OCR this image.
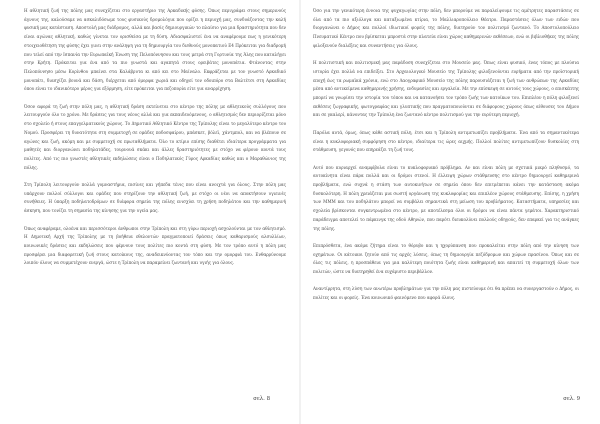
Η αθλητική ζωή της πόλης μας συνεχίζεται στο εργαστήριο της Αρκαδικής φύσης. Όπως περιγράφει στους σημερινούς άγνους της, καλούσαμε να ασκαλιδόσωμε τους φυσικούς δρομολόγια που ορίζει η περιοχή μας, συνδυάζοντας την καλή φυσική μας κατάσταση. Αποστολή μας διάδρομος, αλλά και βασίς δημιουργικών το πλαίσιο για μια δραστηριότητα που δεν είναι αγώνας αθλητική, καθώς γίνεται τον ορισθείσα με τη δύση. Αδιασφαλιστεί ένα να αναφέρουμε πως η γενικότερη στοιχειοθέτηση της φύσης έχει γινει στην ανάληψη για τη δημιουργία του διεθνούς μονοπατιού Ε4 Πρόκειται για διαδρομή που τελεί από την Ισπανία την Ευρωπαϊκή Ένωση της Πελοπόννησου και τους μετρά στη Γορτυνία της Άλης που καταλήγει στην Κρήτη. Πρόκειται για ένα από τα πιο γνωστά και αγαπητά στους ορειβάτες μονοπάτια. Φτάνοντας στην Πελοπόννησο μέσω Κορίνθου μπαίνει στα Καλάβρυτα κι από κει στο Μαίναλο. Εκφράζεται με τον γνωστό Αρκαδικό μονοπάτι, διασχίζει βουνά και δάση, διέρχεται από όμορφα χωριά και οδηγεί τον οδοιπόρο στα Βαλτέτσι στη Αρκαδίας όπου είναι το ιδανικότερο μέρος για εξόρμηση, είτε πρόκειται για πεζοπορία είτε για αναρρίχηση.

Όσον αφορά τη ζωή στην πόλη μας, η αθλητική δράση εκτείνεται στο κέντρο της πόλης με αθλητικούς συλλόγους που λειτουργούν όλο το χρόνο. Με δράσεις για τους νέους αλλά και για εκπαιδευόμενους, ο αθλητισμός δεν περιορίζεται μόνο στο σχολείο ή στους επαγγελματικούς χώρους. Το Δημοτικό Αθλητικό Κέντρο της Τρίπολης είναι το μεγαλύτερο κέντρο του Νομού. Προσφέρει τη δυνατότητα στη συμμετοχή σε ομάδες ποδοσφαίρου, μπάσκετ, βόλεϊ, χάντμπολ, και να βλέπουν σε αγώνες και ζωή, ακόμη και με συμμετοχή σε πρωταθλήματα. Όλο το κτίριο επίσης διαθέτει ιδιαίτερα προγράμματα για μαθητές και διοργανώνει ποδηλατάδες, τουρνουά σκάκι και άλλες δραστηριότητες με στόχο να φέρουν κοντά τους πολίτες. Από τις πιο γνωστές αθλητικές εκδηλώσεις είναι ο Ποδηλατικός Γύρος Αρκαδίας καθώς και ο Μαραθώνιος της πόλης.

Στη Τρίπολη λειτουργούν πολλά γυμναστήρια, πισίνες και γήπεδα τένις που είναι ανοιχτά για όλους. Στην πόλη μας υπάρχουν πολλοί σύλλογοι και ομάδες που στηρίζουν την αθλητική ζωή, με στόχο οι νέοι να αποκτήσουν υγιεινές συνήθειες. Η ύπαρξη ποδηλατοδρόμων σε διάφορα σημεία της πόλης ενισχύει τη χρήση ποδηλάτου και την καθημερινή άσκηση, που τονίζει τη σημασία της κίνησης για την υγεία μας.

Όπως αναφέραμε, ολοένα και περισσότεροι άνθρωποι στην Τρίπολη και στη γύρω περιοχή ασχολούνται με τον αθλητισμό. Η Δημοτική Αρχή της Τρίπολης με τη βοήθεια εθελοντών πραγματοποιεί δράσεις όπως καθαρισμούς αλσυλλίων, κοινωνικές δράσεις και εκδηλώσεις που φέρνουν τους πολίτες πιο κοντά στη φύση. Με τον τρόπο αυτό η πόλη μας προσφέρει μια διαφορετική ζωή στους κατοίκους της, αναδεικνύοντας τον τόπο και την ομορφιά του. Ενθαρρύνουμε λοιπόν όλους να συμμετέχουν ενεργά, ώστε η Τρίπολη να παραμείνει ζωντανή και υγιής για όλους.

σελ. 8

Όσο για την γενικότερη έννοια της ψυχαγωγίας στην πόλη, δεν μπορούμε να παραλείψουμε τις αμέτρητες παραστάσεις σε όλα από τα πιο αξιόλογα και καταξιωμένα κτίρια, το Μαλλιαροπούλειο Θέατρο. Παραστάσεις όλων των ειδών που διοργανώνει ο Δήμος και πολλοί ιδιωτικοί φορείς της πόλης, διατηρούν τον πολιτισμό ζωντανό. Το Αποστολοπούλειο Πνευματικό Κέντρο που βρίσκεται μπροστά στην πλατεία είναι χώρος καθημερινών εκθέσεων, ενώ οι βιβλιοθήκες της πόλης φιλοξενούν διαλέξεις και συναντήσεις για όλους.

Η πολιτιστική και πολιτισμική μας παράδοση συνεχίζεται στο Μουσείο μας. Όπως είναι φυσικό, ένας τόπος με πλούσια ιστορία έχει πολλά να επιδείξει. Στο Αρχαιολογικό Μουσείο της Τρίπολης φιλοξενούνται ευρήματα από την προϊστορική εποχή έως τα ρωμαϊκά χρόνια, ενώ στο Λαογραφικό Μουσείο της πόλης παρουσιάζεται η ζωή των ανθρώπων της Αρκαδίας μέσα από αντικείμενα καθημερινής χρήσης, ενδυμασίες και εργαλεία. Με την επίσκεψη σε αυτούς τους χώρους, ο επισκέπτης μπορεί να γνωρίσει την ιστορία του τόπου και να κατανοήσει τον τρόπο ζωής των κατοίκων του. Επιπλέον η πόλη φιλοξενεί εκθέσεις ζωγραφικής, φωτογραφίας και γλυπτικής που πραγματοποιούνται σε διάφορους χώρους όπως αίθουσες του Δήμου και σε γκαλερί, κάνοντας την Τρίπολη ένα ζωντανό κέντρο πολιτισμού για την ευρύτερη περιοχή.

Παρόλα αυτά, όμως, όπως κάθε αστική πόλη, έτσι και η Τρίπολη αντιμετωπίζει προβλήματα. Ένα από τα σημαντικότερα είναι η κυκλοφοριακή συμφόρηση στο κέντρο, ιδιαίτερα τις ώρες αιχμής. Πολλοί πολίτες αντιμετωπίζουν δυσκολίες στη στάθμευση, γεγονός που επηρεάζει τη ζωή τους.

Αυτό που κυριαρχεί αναμφίβολα είναι το κυκλοφοριακό πρόβλημα. Αν και είναι πόλη με σχετικά μικρό πληθυσμό, τα αυτοκίνητα είναι πάρα πολλά και οι δρόμοι στενοί. Η έλλειψη χώρων στάθμευσης στο κέντρο δημιουργεί καθημερινά προβλήματα, ενώ συχνά η στάση των αυτοκινήτων σε σημεία όπου δεν επιτρέπεται κάνει την κατάσταση ακόμα δυσκολότερη. Η πόλη χρειάζεται μια σωστή οργάνωση της κυκλοφορίας και επιπλέον χώρους στάθμευσης. Επίσης, η χρήση των ΜΜΜ και του ποδηλάτου μπορεί να συμβάλει σημαντικά στη μείωση του προβλήματος. Καταστήματα, υπηρεσίες και σχολεία βρίσκονται συγκεντρωμένα στο κέντρο, με αποτέλεσμα όλοι οι δρόμοι να είναι πάντα γεμάτοι. Χαρακτηριστικό παράδειγμα αποτελεί το πάρκινγκ της οδού Αθηνών, που παρότι διευκολύνει πολλούς οδηγούς, δεν επαρκεί για τις ανάγκες της πόλης.

Επιπρόσθετα, ένα ακόμα ζήτημα είναι το θόρυβο και η ηχορύπανση που προκαλείται στην πόλη από την κίνηση των οχημάτων. Οι κάτοικοι ζητούν από τις αρχές λύσεις, όπως τη δημιουργία πεζόδρομων και χώρων πρασίνου. Όπως και σε όλες τις πόλεις, η προσπάθεια για μια καλύτερη ποιότητα ζωής είναι καθημερινή και απαιτεί τη συμμετοχή όλων των πολιτών, ώστε να διατηρηθεί ένα ευχάριστο περιβάλλον.

Αναντίρρητα, στη λύση των ανωτέρω προβλημάτων για την πόλη μας πιστεύουμε ότι θα πρέπει να συνεργαστούν ο Δήμος, οι πολίτες και οι φορείς. Ένα κοινωνικό φαινόμενο που αφορά όλους.

σελ. 9
